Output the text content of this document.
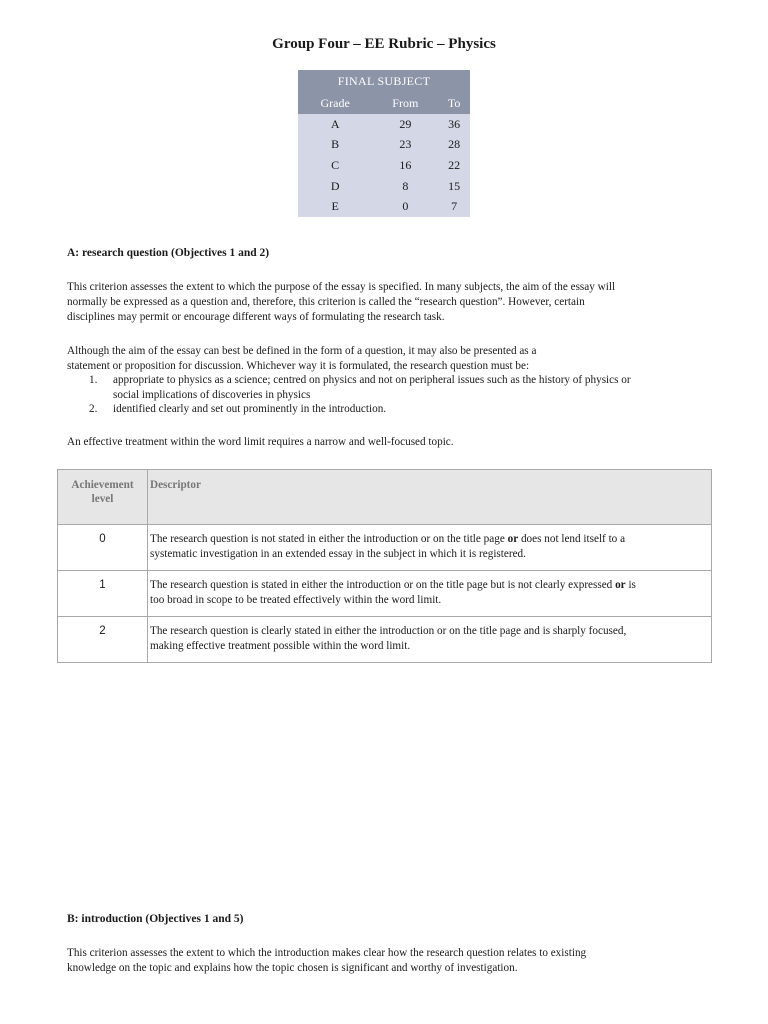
Group Four – EE Rubric – Physics
FINAL SUBJECT		
Grade	From	To
A	29	36
B	23	28
C	16	22
D	8	15
E	0	7
A: research question (Objectives 1 and 2)
This criterion assesses the extent to which the purpose of the essay is specified. In many subjects, the aim of the essay will
normally be expressed as a question and, therefore, this criterion is called the “research question”. However, certain
disciplines may permit or encourage different ways of formulating the research task.
Although the aim of the essay can best be defined in the form of a question, it may also be presented as a
statement or proposition for discussion. Whichever way it is formulated, the research question must be:
1. appropriate to physics as a science; centred on physics and not on peripheral issues such as the history of physics or
social implications of discoveries in physics
2. identified clearly and set out prominently in the introduction.
An effective treatment within the word limit requires a narrow and well-focused topic.
Achievement
level	Descriptor
0	The research question is not stated in either the introduction or on the title page or does not lend itself to a
systematic investigation in an extended essay in the subject in which it is registered.

1	The research question is stated in either the introduction or on the title page but is not clearly expressed or is
too broad in scope to be treated effectively within the word limit.

2	The research question is clearly stated in either the introduction or on the title page and is sharply focused,
making effective treatment possible within the word limit.
B: introduction (Objectives 1 and 5)
This criterion assesses the extent to which the introduction makes clear how the research question relates to existing
knowledge on the topic and explains how the topic chosen is significant and worthy of investigation.
